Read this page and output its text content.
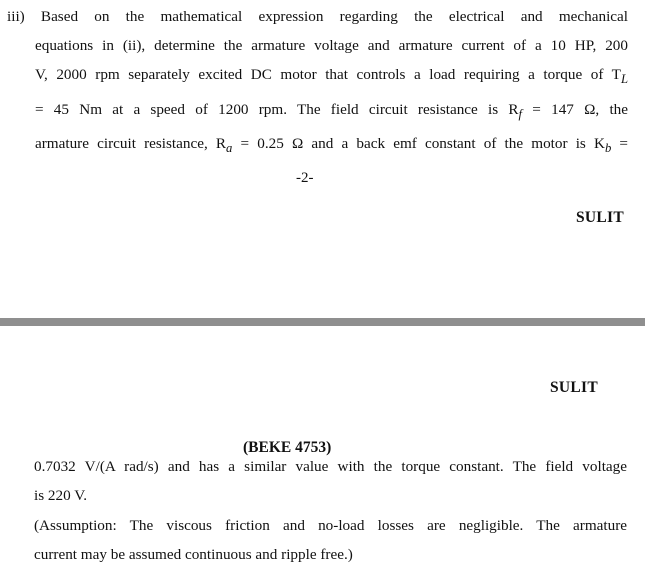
iii) Based on the mathematical expression regarding the electrical and mechanical
equations in (ii), determine the armature voltage and armature current of a 10 HP, 200
V, 2000 rpm separately excited DC motor that controls a load requiring a torque of $T_L$
= 45 Nm at a speed of 1200 rpm. The field circuit resistance is $R_f = 147$ Ω, the
armature circuit resistance, $R_a = 0.25$ Ω and a back emf constant of the motor is $K_b$ =
-2-
SULIT
SULIT
(BEKE 4753)
0.7032 V/(A rad/s) and has a similar value with the torque constant. The field voltage
is 220 V.
(Assumption: The viscous friction and no-load losses are negligible. The armature
current may be assumed continuous and ripple free.)
